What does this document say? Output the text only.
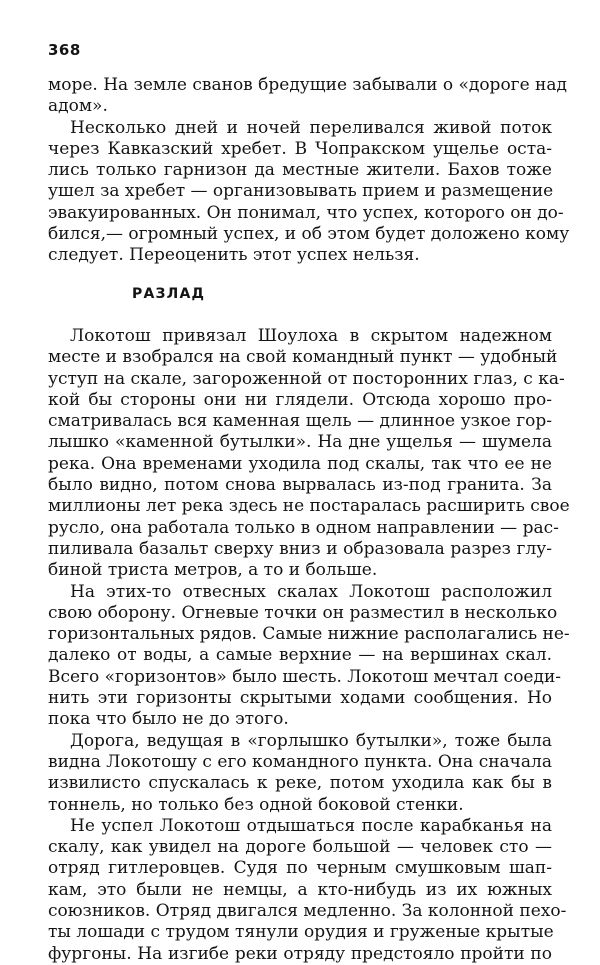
368
море. На земле сванов бредущие забывали о «дороге над
адом».
Несколько дней и ночей переливался живой поток
через Кавказский хребет. В Чопракском ущелье оста-
лись только гарнизон да местные жители. Бахов тоже
ушел за хребет — организовывать прием и размещение
эвакуированных. Он понимал, что успех, которого он до-
бился,— огромный успех, и об этом будет доложено кому
следует. Переоценить этот успех нельзя.
РАЗЛАД
Локотош привязал Шоулоха в скрытом надежном
месте и взобрался на свой командный пункт — удобный
уступ на скале, загороженной от посторонних глаз, с ка-
кой бы стороны они ни глядели. Отсюда хорошо про-
сматривалась вся каменная щель — длинное узкое гор-
лышко «каменной бутылки». На дне ущелья — шумела
река. Она временами уходила под скалы, так что ее не
было видно, потом снова вырвалась из-под гранита. За
миллионы лет река здесь не постаралась расширить свое
русло, она работала только в одном направлении — рас-
пиливала базальт сверху вниз и образовала разрез глу-
биной триста метров, а то и больше.
На этих-то отвесных скалах Локотош расположил
свою оборону. Огневые точки он разместил в несколько
горизонтальных рядов. Самые нижние располагались не-
далеко от воды, а самые верхние — на вершинах скал.
Всего «горизонтов» было шесть. Локотош мечтал соеди-
нить эти горизонты скрытыми ходами сообщения. Но
пока что было не до этого.
Дорога, ведущая в «горлышко бутылки», тоже была
видна Локотошу с его командного пункта. Она сначала
извилисто спускалась к реке, потом уходила как бы в
тоннель, но только без одной боковой стенки.
Не успел Локотош отдышаться после карабканья на
скалу, как увидел на дороге большой — человек сто —
отряд гитлеровцев. Судя по черным смушковым шап-
кам, это были не немцы, а кто-нибудь из их южных
союзников. Отряд двигался медленно. За колонной пехо-
ты лошади с трудом тянули орудия и груженые крытые
фургоны. На изгибе реки отряду предстояло пройти по
